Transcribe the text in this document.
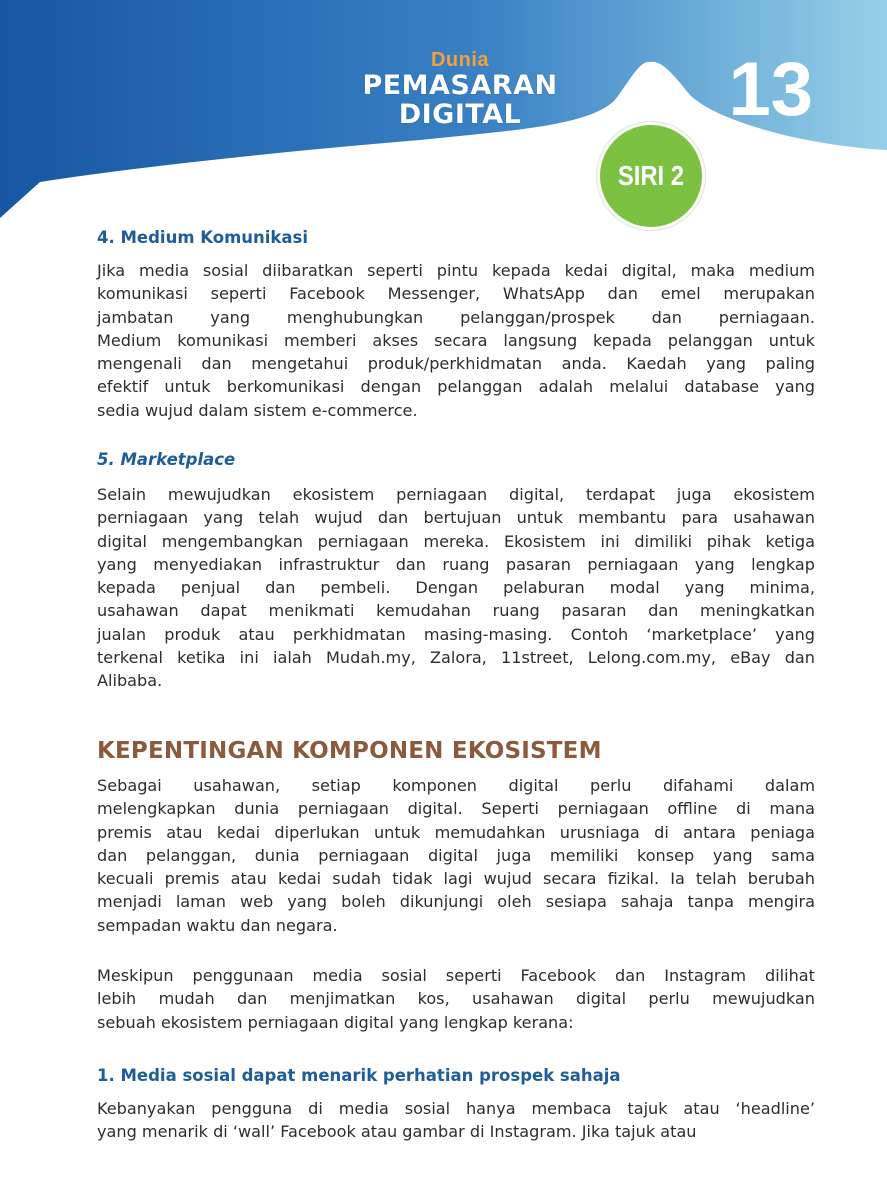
Dunia
PEMASARAN
DIGITAL	13
SIRI 2
4. Medium Komunikasi
Jika media sosial diibaratkan seperti pintu kepada kedai digital, maka medium
komunikasi seperti Facebook Messenger, WhatsApp dan emel merupakan
jambatan yang menghubungkan pelanggan/prospek dan perniagaan.
Medium komunikasi memberi akses secara langsung kepada pelanggan untuk
mengenali dan mengetahui produk/perkhidmatan anda. Kaedah yang paling
efektif untuk berkomunikasi dengan pelanggan adalah melalui database yang
sedia wujud dalam sistem e-commerce.
5. Marketplace
Selain mewujudkan ekosistem perniagaan digital, terdapat juga ekosistem
perniagaan yang telah wujud dan bertujuan untuk membantu para usahawan
digital mengembangkan perniagaan mereka. Ekosistem ini dimiliki pihak ketiga
yang menyediakan infrastruktur dan ruang pasaran perniagaan yang lengkap
kepada penjual dan pembeli. Dengan pelaburan modal yang minima,
usahawan dapat menikmati kemudahan ruang pasaran dan meningkatkan
jualan produk atau perkhidmatan masing-masing. Contoh ‘marketplace’ yang
terkenal ketika ini ialah Mudah.my, Zalora, 11street, Lelong.com.my, eBay dan
Alibaba.
KEPENTINGAN KOMPONEN EKOSISTEM
Sebagai usahawan, setiap komponen digital perlu difahami dalam
melengkapkan dunia perniagaan digital. Seperti perniagaan offline di mana
premis atau kedai diperlukan untuk memudahkan urusniaga di antara peniaga
dan pelanggan, dunia perniagaan digital juga memiliki konsep yang sama
kecuali premis atau kedai sudah tidak lagi wujud secara fizikal. Ia telah berubah
menjadi laman web yang boleh dikunjungi oleh sesiapa sahaja tanpa mengira
sempadan waktu dan negara.
Meskipun penggunaan media sosial seperti Facebook dan Instagram dilihat
lebih mudah dan menjimatkan kos, usahawan digital perlu mewujudkan
sebuah ekosistem perniagaan digital yang lengkap kerana:
1. Media sosial dapat menarik perhatian prospek sahaja
Kebanyakan pengguna di media sosial hanya membaca tajuk atau ‘headline’
yang menarik di ‘wall’ Facebook atau gambar di Instagram. Jika tajuk atau
